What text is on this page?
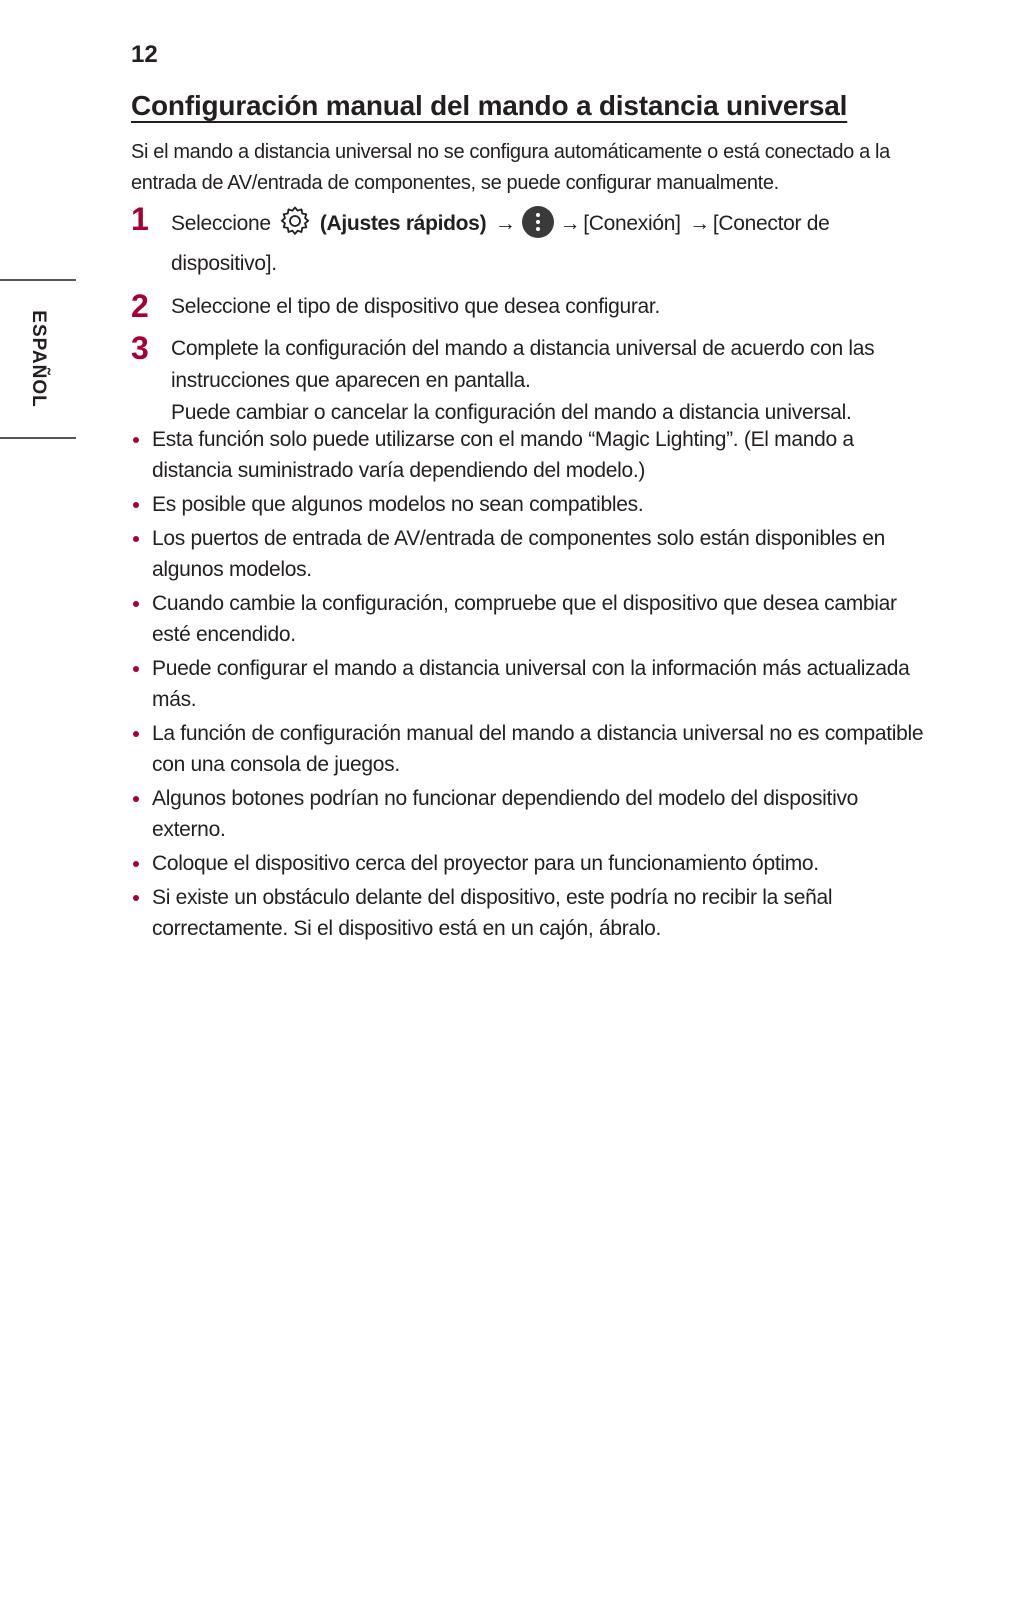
12
Configuración manual del mando a distancia universal

Si el mando a distancia universal no se configura automáticamente o está conectado a la entrada de AV/entrada de componentes, se puede configurar manualmente.

ESPAÑOL
1 Seleccione (Ajustes rápidos) → → [Conexión] → [Conector de dispositivo].
2 Seleccione el tipo de dispositivo que desea configurar.
3 Complete la configuración del mando a distancia universal de acuerdo con las instrucciones que aparecen en pantalla.

Puede cambiar o cancelar la configuración del mando a distancia universal.

Esta función solo puede utilizarse con el mando “Magic Lighting”. (El mando a distancia suministrado varía dependiendo del modelo.)
Es posible que algunos modelos no sean compatibles.
Los puertos de entrada de AV/entrada de componentes solo están disponibles en algunos modelos.
Cuando cambie la configuración, compruebe que el dispositivo que desea cambiar esté encendido.
Puede configurar el mando a distancia universal con la información más actualizada más.
La función de configuración manual del mando a distancia universal no es compatible con una consola de juegos.
Algunos botones podrían no funcionar dependiendo del modelo del dispositivo externo.
Coloque el dispositivo cerca del proyector para un funcionamiento óptimo.
Si existe un obstáculo delante del dispositivo, este podría no recibir la señal correctamente. Si el dispositivo está en un cajón, ábralo.
